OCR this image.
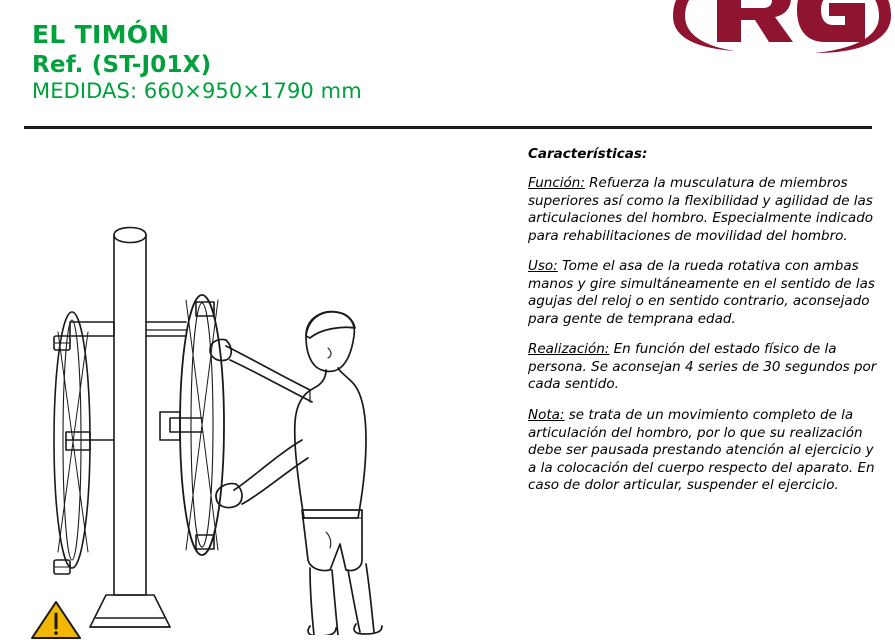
EL TIMÓN
Ref. (ST-J01X)
MEDIDAS: 660×950×1790 mm
Características:
Función: Refuerza la musculatura de miembros superiores así como la flexibilidad y agilidad de las articulaciones del hombro. Especialmente indicado para rehabilitaciones de movilidad del hombro.
Uso: Tome el asa de la rueda rotativa con ambas manos y gire simultáneamente en el sentido de las agujas del reloj o en sentido contrario, aconsejado para gente de temprana edad.
Realización: En función del estado físico de la persona. Se aconsejan 4 series de 30 segundos por cada sentido.
Nota: se trata de un movimiento completo de la articulación del hombro, por lo que su realización debe ser pausada prestando atención al ejercicio y a la colocación del cuerpo respecto del aparato. En caso de dolor articular, suspender el ejercicio.
